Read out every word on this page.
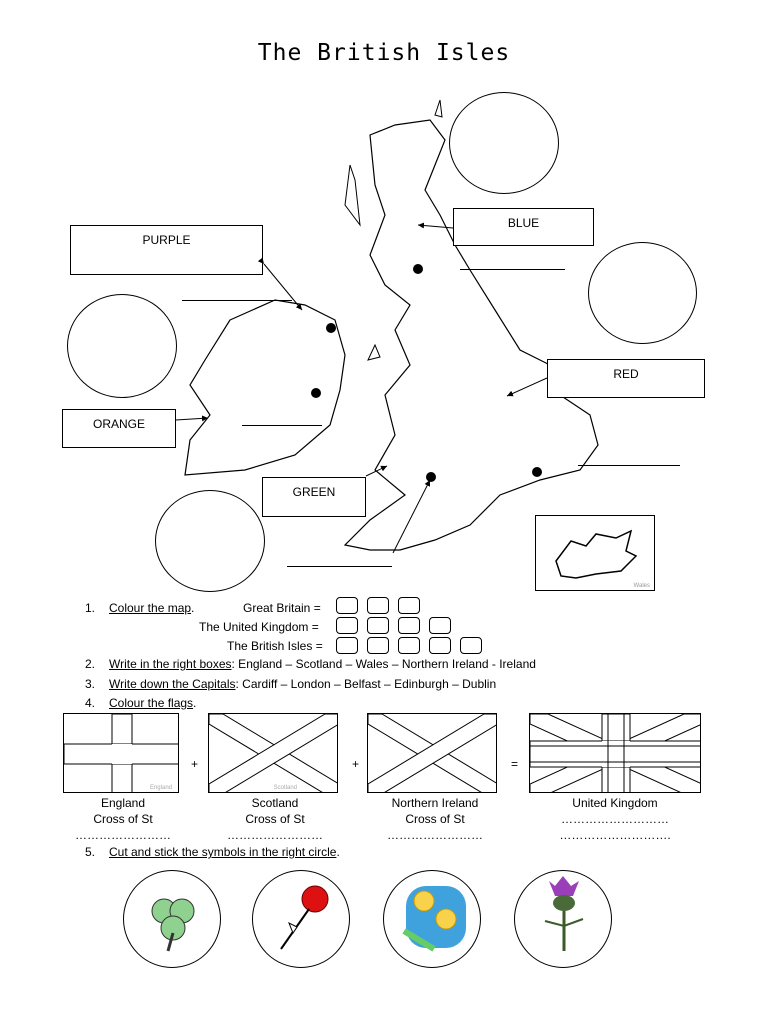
The British Isles
Wales
PURPLE
BLUE
RED
ORANGE
GREEN
1. Colour the map.	Great Britain =
The United Kingdom =
The British Isles =
2. Write in the right boxes: England – Scotland – Wales – Northern Ireland - Ireland
3. Write down the Capitals: Cardiff – London – Belfast – Edinburgh – Dublin
4. Colour the flags.
England
+
Scotland
+	=
England
Cross of St
……………………
Scotland
Cross of St
……………………
Northern Ireland
Cross of St
……………………
United Kingdom
………………………
……………………….
5. Cut and stick the symbols in the right circle.
